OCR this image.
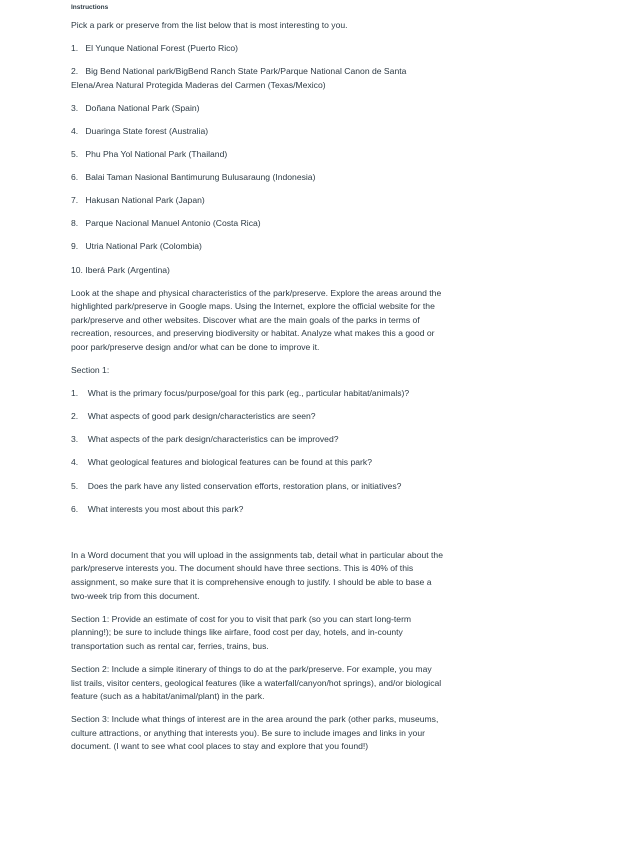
Instructions

Pick a park or preserve from the list below that is most interesting to you.

1. El Yunque National Forest (Puerto Rico)

2. Big Bend National park/BigBend Ranch State Park/Parque National Canon de Santa Elena/Area Natural Protegida Maderas del Carmen (Texas/Mexico)

3. Doñana National Park (Spain)

4. Duaringa State forest (Australia)

5. Phu Pha Yol National Park (Thailand)

6. Balai Taman Nasional Bantimurung Bulusaraung (Indonesia)

7. Hakusan National Park (Japan)

8. Parque Nacional Manuel Antonio (Costa Rica)

9. Utria National Park (Colombia)

10. Iberá Park (Argentina)

Look at the shape and physical characteristics of the park/preserve. Explore the areas around the highlighted park/preserve in Google maps. Using the Internet, explore the official website for the park/preserve and other websites. Discover what are the main goals of the parks in terms of recreation, resources, and preserving biodiversity or habitat. Analyze what makes this a good or poor park/preserve design and/or what can be done to improve it.

Section 1:

1. What is the primary focus/purpose/goal for this park (eg., particular habitat/animals)?

2. What aspects of good park design/characteristics are seen?

3. What aspects of the park design/characteristics can be improved?

4. What geological features and biological features can be found at this park?

5. Does the park have any listed conservation efforts, restoration plans, or initiatives?

6. What interests you most about this park?

In a Word document that you will upload in the assignments tab, detail what in particular about the park/preserve interests you. The document should have three sections. This is 40% of this assignment, so make sure that it is comprehensive enough to justify. I should be able to base a two-week trip from this document.

Section 1: Provide an estimate of cost for you to visit that park (so you can start long-term planning!); be sure to include things like airfare, food cost per day, hotels, and in-county transportation such as rental car, ferries, trains, bus.

Section 2: Include a simple itinerary of things to do at the park/preserve. For example, you may list trails, visitor centers, geological features (like a waterfall/canyon/hot springs), and/or biological feature (such as a habitat/animal/plant) in the park.

Section 3: Include what things of interest are in the area around the park (other parks, museums, culture attractions, or anything that interests you). Be sure to include images and links in your document. (I want to see what cool places to stay and explore that you found!)
